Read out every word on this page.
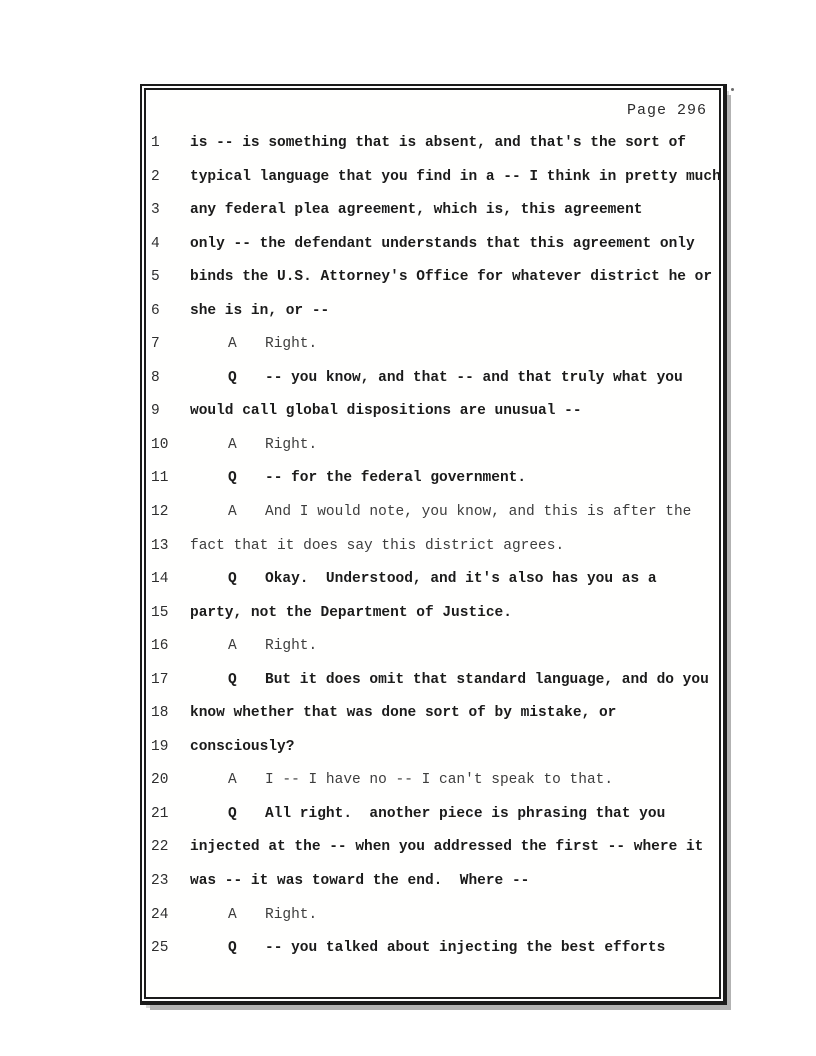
Page 296
1 is -- is something that is absent, and that's the sort of
2 typical language that you find in a -- I think in pretty much
3 any federal plea agreement, which is, this agreement
4 only -- the defendant understands that this agreement only
5 binds the U.S. Attorney's Office for whatever district he or
6 she is in, or --
7	A Right.
8	Q -- you know, and that -- and that truly what you
9 would call global dispositions are unusual --
10	A Right.
11	Q -- for the federal government.
12	A And I would note, you know, and this is after the
13 fact that it does say this district agrees.
14	Q Okay.  Understood, and it's also has you as a
15 party, not the Department of Justice.
16	A Right.
17	Q But it does omit that standard language, and do you
18 know whether that was done sort of by mistake, or
19 consciously?
20	A I -- I have no -- I can't speak to that.
21	Q All right.  another piece is phrasing that you
22 injected at the -- when you addressed the first -- where it
23 was -- it was toward the end.  Where --
24	A Right.
25	Q -- you talked about injecting the best efforts
